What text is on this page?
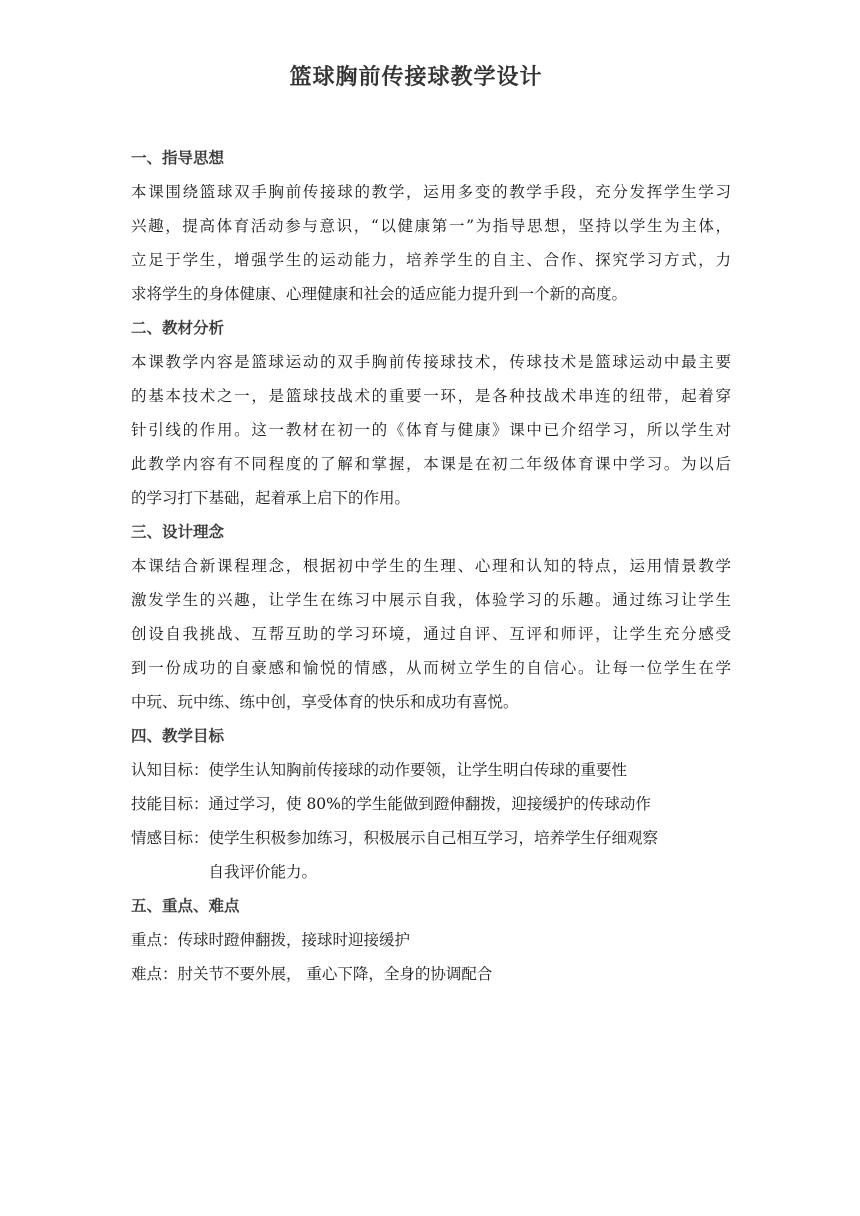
篮球胸前传接球教学设计
一、指导思想
本课围绕篮球双手胸前传接球的教学，运用多变的教学手段，充分发挥学生学习
兴趣，提高体育活动参与意识，“以健康第一”为指导思想，坚持以学生为主体，
立足于学生，增强学生的运动能力，培养学生的自主、合作、探究学习方式，力
求将学生的身体健康、心理健康和社会的适应能力提升到一个新的高度。
二、教材分析
本课教学内容是篮球运动的双手胸前传接球技术，传球技术是篮球运动中最主要
的基本技术之一，是篮球技战术的重要一环，是各种技战术串连的纽带，起着穿
针引线的作用。这一教材在初一的《体育与健康》课中已介绍学习，所以学生对
此教学内容有不同程度的了解和掌握，本课是在初二年级体育课中学习。为以后
的学习打下基础，起着承上启下的作用。
三、设计理念
本课结合新课程理念，根据初中学生的生理、心理和认知的特点，运用情景教学
激发学生的兴趣，让学生在练习中展示自我，体验学习的乐趣。通过练习让学生
创设自我挑战、互帮互助的学习环境，通过自评、互评和师评，让学生充分感受
到一份成功的自豪感和愉悦的情感，从而树立学生的自信心。让每一位学生在学
中玩、玩中练、练中创，享受体育的快乐和成功有喜悦。
四、教学目标
认知目标： 使学生认知胸前传接球的动作要领，让学生明白传球的重要性
技能目标： 通过学习，使 80%的学生能做到蹬伸翻拨，迎接缓护的传球动作
情感目标： 使学生积极参加练习，积极展示自己相互学习，培养学生仔细观察
自我评价能力。
五、重点、难点
重点：传球时蹬伸翻拨，接球时迎接缓护
难点：肘关节不要外展， 重心下降，全身的协调配合
